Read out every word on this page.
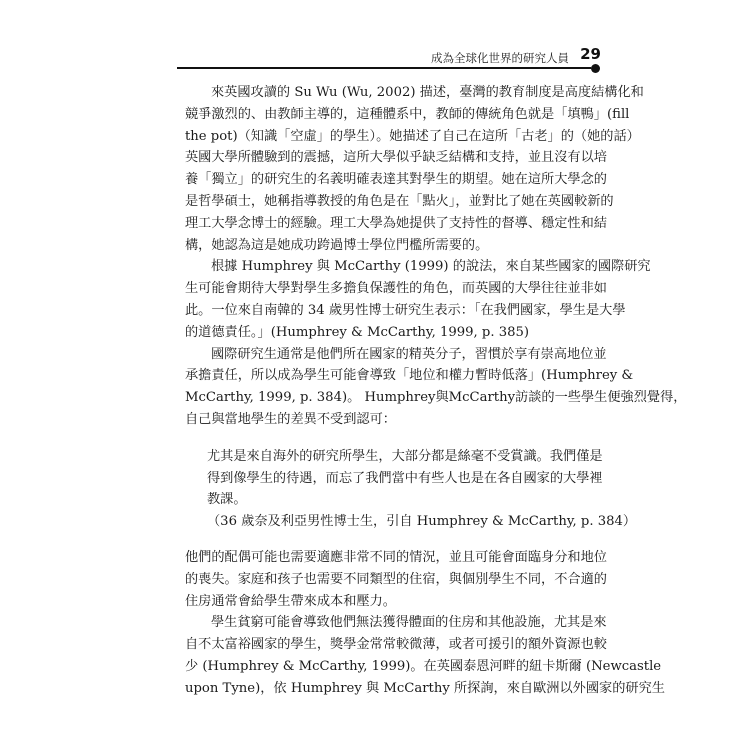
成為全球化世界的研究人員 29
來英國攻讀的 Su Wu (Wu, 2002) 描述，臺灣的教育制度是高度結構化和
競爭激烈的、由教師主導的，這種體系中，教師的傳統角色就是「填鴨」(fill
the pot)（知識「空虛」的學生）。她描述了自己在這所「古老」的（她的話）
英國大學所體驗到的震撼，這所大學似乎缺乏結構和支持，並且沒有以培
養「獨立」的研究生的名義明確表達其對學生的期望。她在這所大學念的
是哲學碩士，她稱指導教授的角色是在「點火」，並對比了她在英國較新的
理工大學念博士的經驗。理工大學為她提供了支持性的督導、穩定性和結
構，她認為這是她成功跨過博士學位門檻所需要的。
根據 Humphrey 與 McCarthy (1999) 的說法，來自某些國家的國際研究
生可能會期待大學對學生多擔負保護性的角色，而英國的大學往往並非如
此。一位來自南韓的 34 歲男性博士研究生表示：「在我們國家，學生是大學
的道德責任。」(Humphrey & McCarthy, 1999, p. 385)
國際研究生通常是他們所在國家的精英分子，習慣於享有崇高地位並
承擔責任，所以成為學生可能會導致「地位和權力暫時低落」(Humphrey &
McCarthy, 1999, p. 384)。 Humphrey與McCarthy訪談的一些學生便強烈覺得，
自己與當地學生的差異不受到認可：
尤其是來自海外的研究所學生，大部分都是絲毫不受賞識。我們僅是
得到像學生的待遇，而忘了我們當中有些人也是在各自國家的大學裡
教課。
（36 歲奈及利亞男性博士生，引自 Humphrey & McCarthy, p. 384）
他們的配偶可能也需要適應非常不同的情況，並且可能會面臨身分和地位
的喪失。家庭和孩子也需要不同類型的住宿，與個別學生不同，不合適的
住房通常會給學生帶來成本和壓力。
學生貧窮可能會導致他們無法獲得體面的住房和其他設施，尤其是來
自不太富裕國家的學生，獎學金常常較微薄，或者可援引的額外資源也較
少 (Humphrey & McCarthy, 1999)。在英國泰恩河畔的紐卡斯爾 (Newcastle
upon Tyne)，依 Humphrey 與 McCarthy 所探詢，來自歐洲以外國家的研究生
